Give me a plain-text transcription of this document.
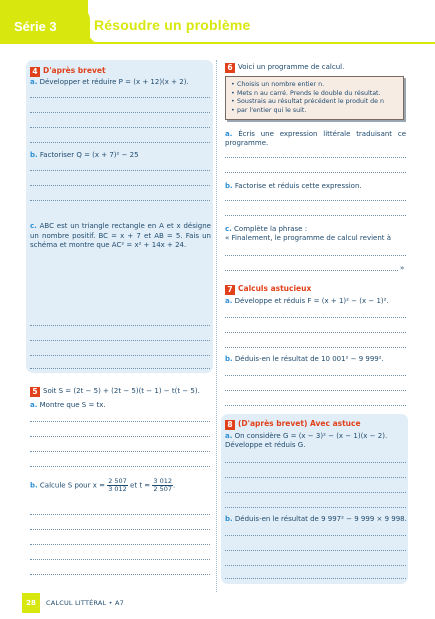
Série 3	Résoudre un problème
4 D'après brevet
a. Développer et réduire P = (x + 12)(x + 2).
b. Factoriser Q = (x + 7)² − 25
c. ABC est un triangle rectangle en A et x désigne un nombre positif. BC = x + 7 et AB = 5. Fais un schéma et montre que AC² = x² + 14x + 24.
5 Soit S = (2t − 5) + (2t − 5)(t − 1) − t(t − 5).
a. Montre que S = tx.
b. Calcule S pour $x = \frac{2 507}{3 012}$ et $t = \frac{3 012}{2 507}$ .
6 Voici un programme de calcul.
• Choisis un nombre entier n.
• Mets n au carré. Prends le double du résultat.
• Soustrais au résultat précédent le produit de n
• par l'entier qui le suit.
a. Écris une expression littérale traduisant ce programme.
b. Factorise et réduis cette expression.
c. Complète la phrase :
« Finalement, le programme de calcul revient à
»
7 Calculs astucieux
a. Développe et réduis F = (x + 1)² − (x − 1)².
b. Déduis-en le résultat de 10 001² − 9 999².
8 (D'après brevet) Avec astuce
a. On considère G = (x − 3)² − (x − 1)(x − 2).
Développe et réduis G.
b. Déduis-en le résultat de 9 997² − 9 999 × 9 998.
28	CALCUL LITTÉRAL • A7
